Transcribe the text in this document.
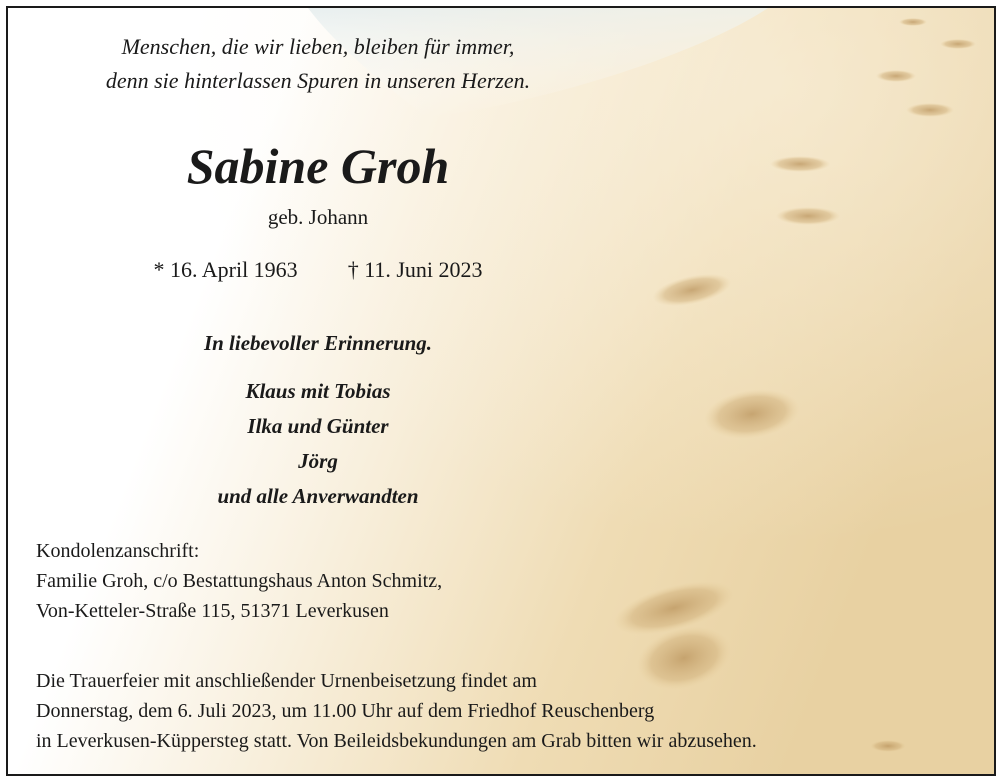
Menschen, die wir lieben, bleiben für immer,
denn sie hinterlassen Spuren in unseren Herzen.
Sabine Groh
geb. Johann
* 16. April 1963 † 11. Juni 2023
In liebevoller Erinnerung.
Klaus mit Tobias
Ilka und Günter
Jörg
und alle Anverwandten
Kondolenzanschrift:
Familie Groh, c/o Bestattungshaus Anton Schmitz,
Von-Ketteler-Straße 115, 51371 Leverkusen
Die Trauerfeier mit anschließender Urnenbeisetzung findet am
Donnerstag, dem 6. Juli 2023, um 11.00 Uhr auf dem Friedhof Reuschenberg
in Leverkusen-Küppersteg statt. Von Beileidsbekundungen am Grab bitten wir abzusehen.
